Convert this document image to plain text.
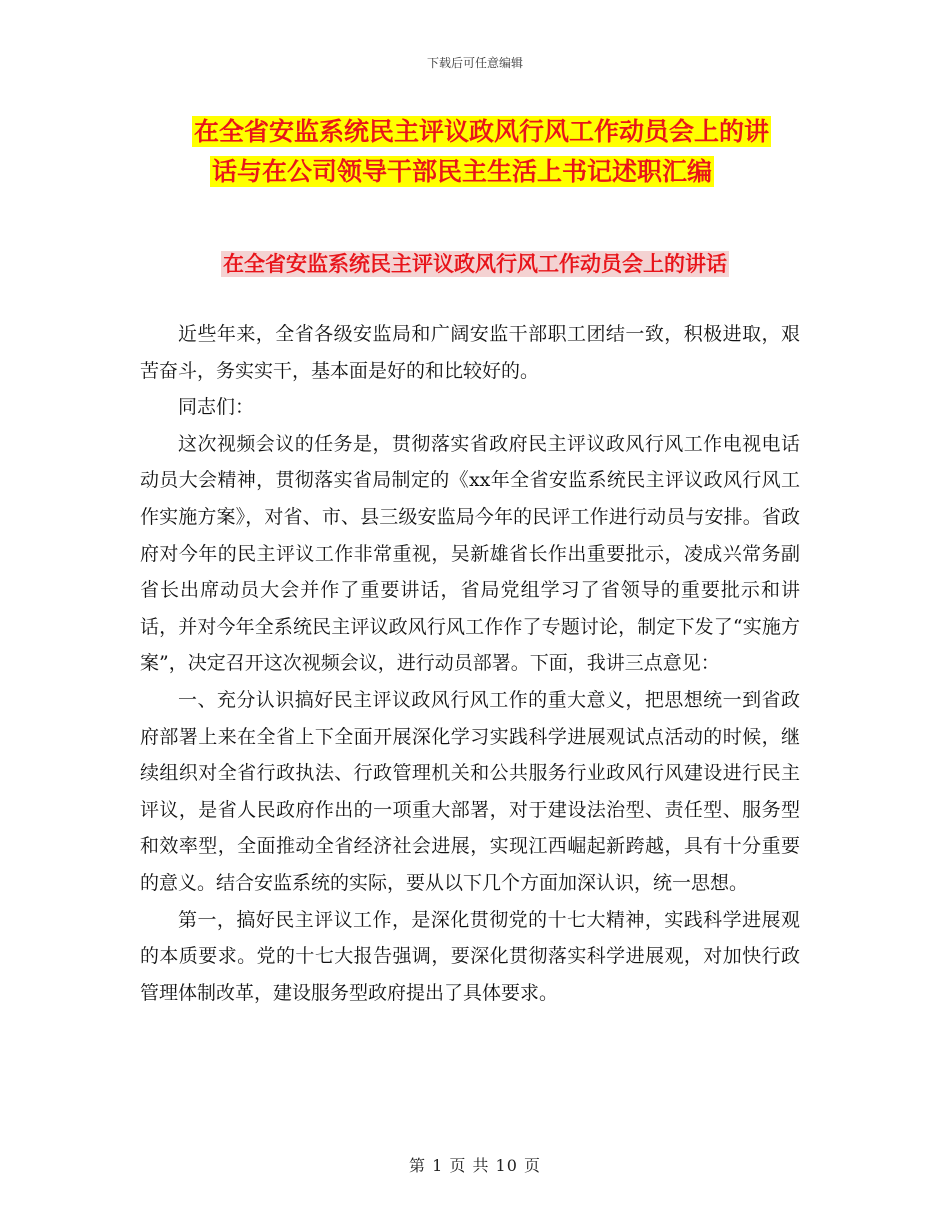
下载后可任意编辑
在全省安监系统民主评议政风行风工作动员会上的讲
话与在公司领导干部民主生活上书记述职汇编
在全省安监系统民主评议政风行风工作动员会上的讲话

近些年来，全省各级安监局和广阔安监干部职工团结一致，积极进取，艰苦奋斗，务实实干，基本面是好的和比较好的。

同志们：

这次视频会议的任务是，贯彻落实省政府民主评议政风行风工作电视电话动员大会精神，贯彻落实省局制定的《xx年全省安监系统民主评议政风行风工作实施方案》，对省、市、县三级安监局今年的民评工作进行动员与安排。省政府对今年的民主评议工作非常重视，吴新雄省长作出重要批示，凌成兴常务副省长出席动员大会并作了重要讲话，省局党组学习了省领导的重要批示和讲话，并对今年全系统民主评议政风行风工作作了专题讨论，制定下发了“实施方案”，决定召开这次视频会议，进行动员部署。下面，我讲三点意见：

一、充分认识搞好民主评议政风行风工作的重大意义，把思想统一到省政府部署上来在全省上下全面开展深化学习实践科学进展观试点活动的时候，继续组织对全省行政执法、行政管理机关和公共服务行业政风行风建设进行民主评议，是省人民政府作出的一项重大部署，对于建设法治型、责任型、服务型和效率型，全面推动全省经济社会进展，实现江西崛起新跨越，具有十分重要的意义。结合安监系统的实际，要从以下几个方面加深认识，统一思想。

第一，搞好民主评议工作，是深化贯彻党的十七大精神，实践科学进展观的本质要求。党的十七大报告强调，要深化贯彻落实科学进展观，对加快行政管理体制改革，建设服务型政府提出了具体要求。

第 1 页 共 10 页
